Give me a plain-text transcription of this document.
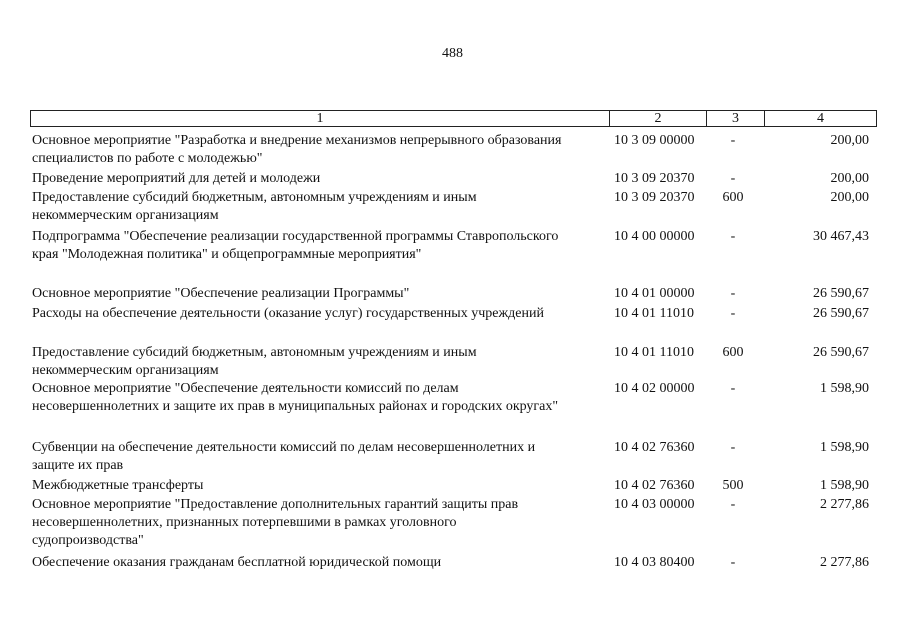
488
1	2	3	4
Основное мероприятие "Разработка и внедрение механизмов непрерывного образования
специалистов по работе с молодежью"
10 3 09 00000	-	200,00
Проведение мероприятий для детей и молодежи	10 3 09 20370	-	200,00
Предоставление субсидий бюджетным, автономным учреждениям и иным
некоммерческим организациям
10 3 09 20370	600	200,00
Подпрограмма "Обеспечение реализации государственной программы Ставропольского
края "Молодежная политика" и общепрограммные мероприятия"
10 4 00 00000	-	30 467,43
Основное мероприятие "Обеспечение реализации Программы"	10 4 01 00000	-	26 590,67
Расходы на обеспечение деятельности (оказание услуг) государственных учреждений	10 4 01 11010	-	26 590,67
Предоставление субсидий бюджетным, автономным учреждениям и иным
некоммерческим организациям
10 4 01 11010	600	26 590,67
Основное мероприятие "Обеспечение деятельности комиссий по делам
несовершеннолетних и защите их прав в муниципальных районах и городских округах"
10 4 02 00000	-	1 598,90
Субвенции на обеспечение деятельности комиссий по делам несовершеннолетних и
защите их прав
10 4 02 76360	-	1 598,90
Межбюджетные трансферты	10 4 02 76360	500	1 598,90
Основное мероприятие "Предоставление дополнительных гарантий защиты прав
несовершеннолетних, признанных потерпевшими в рамках уголовного
судопроизводства"
10 4 03 00000	-	2 277,86
Обеспечение оказания гражданам бесплатной юридической помощи	10 4 03 80400	-	2 277,86
